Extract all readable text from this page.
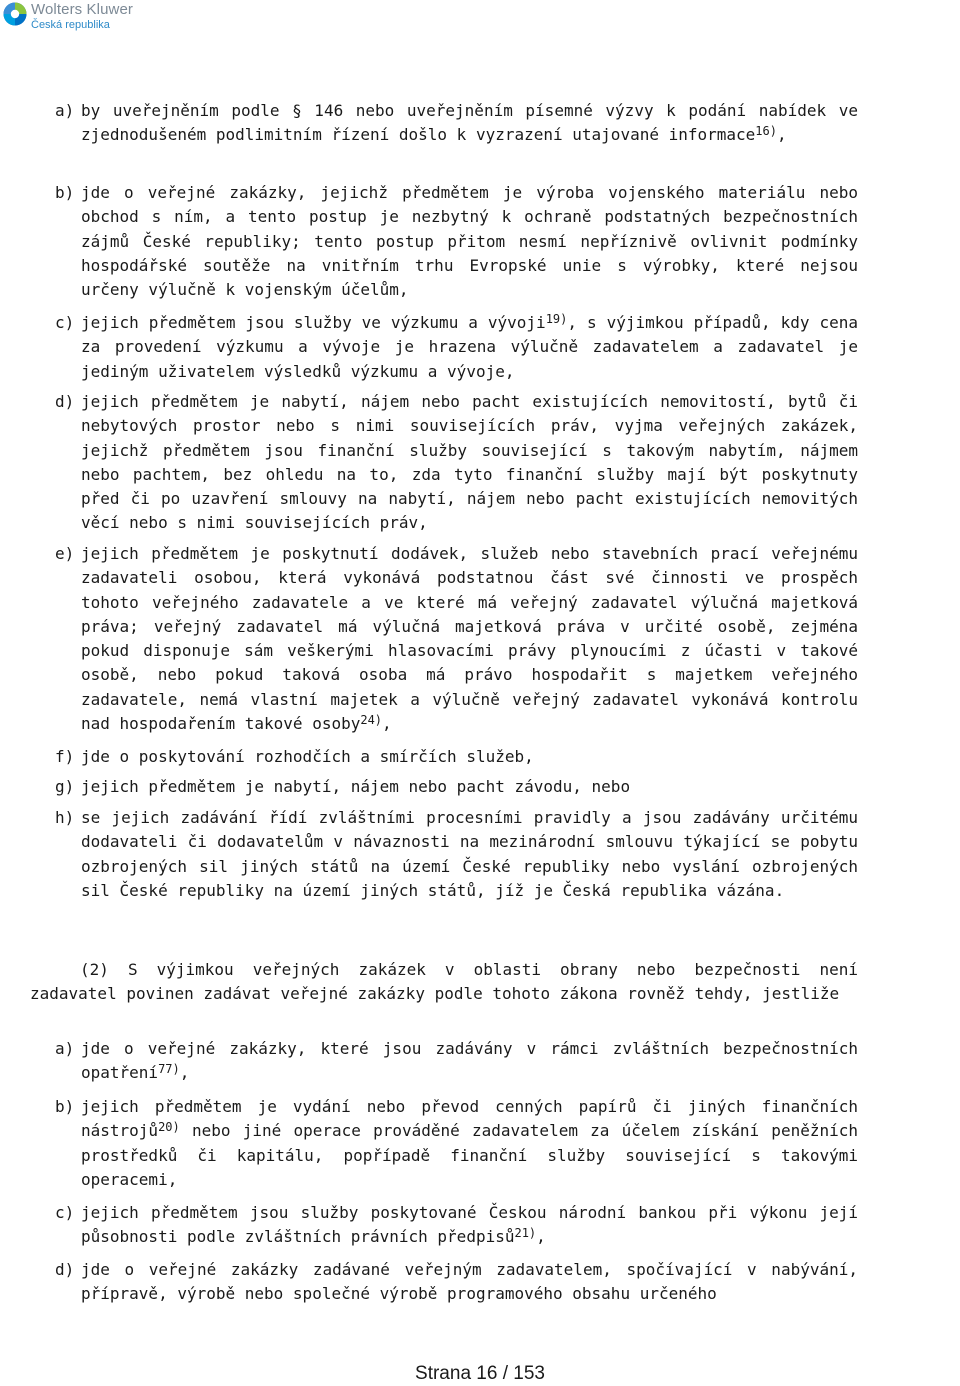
Wolters Kluwer
Česká republika
a) by uveřejněním podle § 146 nebo uveřejněním písemné výzvy k podání nabídek ve zjednodušeném podlimitním řízení došlo k vyzrazení utajované informace$^{16)}$,
b) jde o veřejné zakázky, jejichž předmětem je výroba vojenského materiálu nebo obchod s ním, a tento postup je nezbytný k ochraně podstatných bezpečnostních zájmů České republiky; tento postup přitom nesmí nepříznivě ovlivnit podmínky hospodářské soutěže na vnitřním trhu Evropské unie s výrobky, které nejsou určeny výlučně k vojenským účelům,
c) jejich předmětem jsou služby ve výzkumu a vývoji$^{19)}$, s výjimkou případů, kdy cena za provedení výzkumu a vývoje je hrazena výlučně zadavatelem a zadavatel je jediným uživatelem výsledků výzkumu a vývoje,
d) jejich předmětem je nabytí, nájem nebo pacht existujících nemovitostí, bytů či nebytových prostor nebo s nimi souvisejících práv, vyjma veřejných zakázek, jejichž předmětem jsou finanční služby související s takovým nabytím, nájmem nebo pachtem, bez ohledu na to, zda tyto finanční služby mají být poskytnuty před či po uzavření smlouvy na nabytí, nájem nebo pacht existujících nemovitých věcí nebo s nimi souvisejících práv,
e) jejich předmětem je poskytnutí dodávek, služeb nebo stavebních prací veřejnému zadavateli osobou, která vykonává podstatnou část své činnosti ve prospěch tohoto veřejného zadavatele a ve které má veřejný zadavatel výlučná majetková práva; veřejný zadavatel má výlučná majetková práva v určité osobě, zejména pokud disponuje sám veškerými hlasovacími právy plynoucími z účasti v takové osobě, nebo pokud taková osoba má právo hospodařit s majetkem veřejného zadavatele, nemá vlastní majetek a výlučně veřejný zadavatel vykonává kontrolu nad hospodařením takové osoby$^{24)}$,
f) jde o poskytování rozhodčích a smírčích služeb,
g) jejich předmětem je nabytí, nájem nebo pacht závodu, nebo
h) se jejich zadávání řídí zvláštními procesními pravidly a jsou zadávány určitému dodavateli či dodavatelům v návaznosti na mezinárodní smlouvu týkající se pobytu ozbrojených sil jiných států na území České republiky nebo vyslání ozbrojených sil České republiky na území jiných států, jíž je Česká republika vázána.
(2) S výjimkou veřejných zakázek v oblasti obrany nebo bezpečnosti není zadavatel povinen zadávat veřejné zakázky podle tohoto zákona rovněž tehdy, jestliže
a) jde o veřejné zakázky, které jsou zadávány v rámci zvláštních bezpečnostních opatření$^{77)}$,
b) jejich předmětem je vydání nebo převod cenných papírů či jiných finančních nástrojů$^{20)}$ nebo jiné operace prováděné zadavatelem za účelem získání peněžních prostředků či kapitálu, popřípadě finanční služby související s takovými operacemi,
c) jejich předmětem jsou služby poskytované Českou národní bankou při výkonu její působnosti podle zvláštních právních předpisů$^{21)}$,
d) jde o veřejné zakázky zadávané veřejným zadavatelem, spočívající v nabývání, přípravě, výrobě nebo společné výrobě programového obsahu určeného
Strana 16 / 153
